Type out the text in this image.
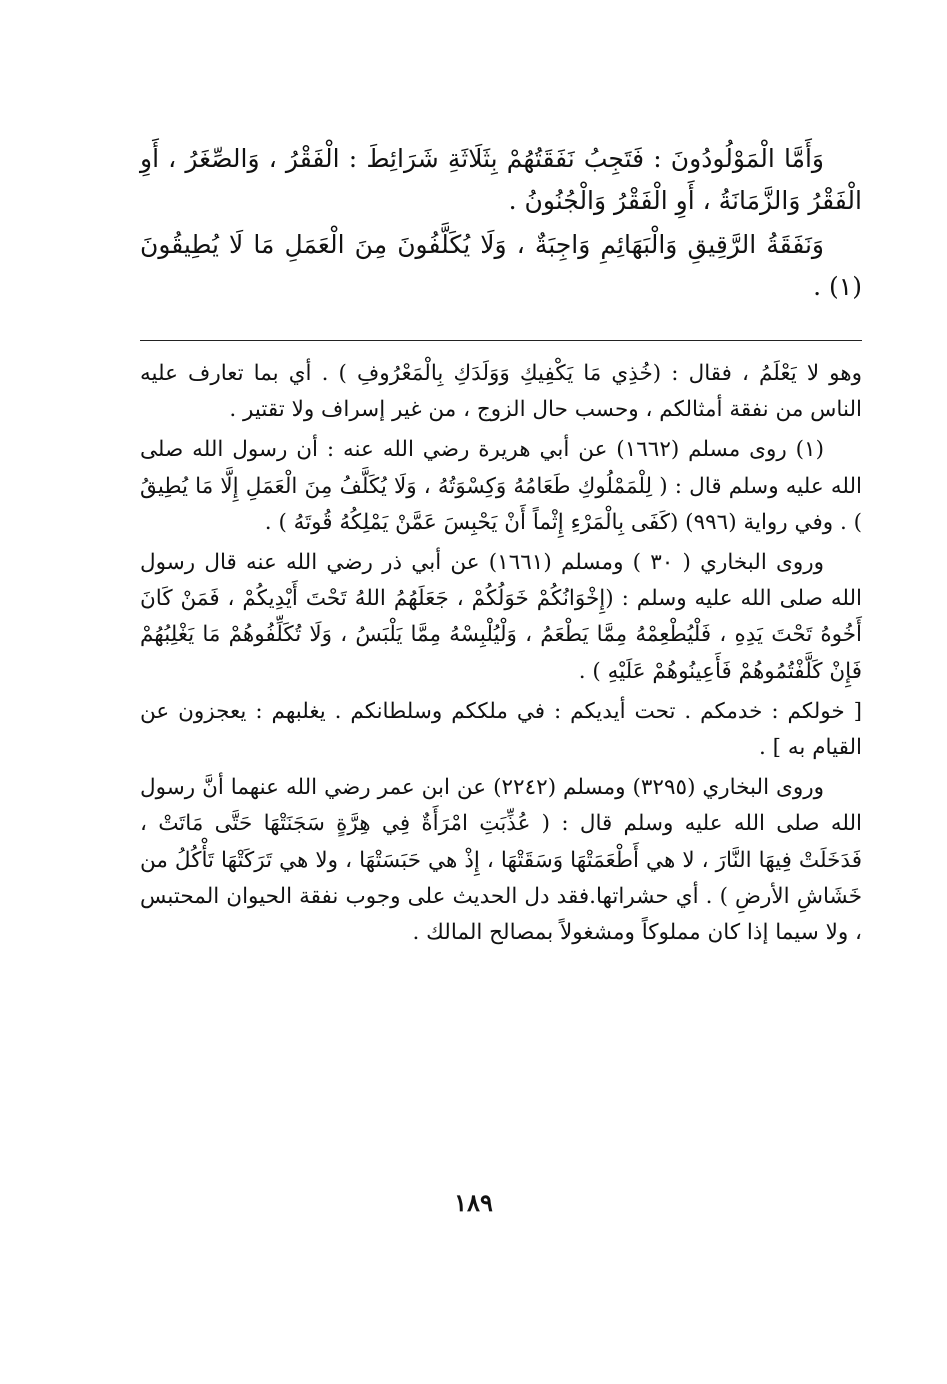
وَأَمَّا الْمَوْلُودُونَ : فَتَجِبُ نَفَقَتُهُمْ بِثَلَاثَةِ شَرَائِطَ : الْفَقْرُ ، وَالصِّغَرُ ، أَوِ الْفَقْرُ وَالزَّمَانَةُ ، أَوِ الْفَقْرُ وَالْجُنُونُ .

وَنَفَقَةُ الرَّقِيقِ وَالْبَهَائِمِ وَاجِبَةٌ ، وَلَا يُكَلَّفُونَ مِنَ الْعَمَلِ مَا لَا يُطِيقُونَ (١) .

وهو لا يَعْلَمُ ، فقال : (خُذِي مَا يَكْفِيكِ وَوَلَدَكِ بِالْمَعْرُوفِ ) . أي بما تعارف عليه الناس من نفقة أمثالكم ، وحسب حال الزوج ، من غير إسراف ولا تقتير .

(١) روى مسلم (١٦٦٢) عن أبي هريرة رضي الله عنه : أن رسول الله صلى الله عليه وسلم قال : ( لِلْمَمْلُوكِ طَعَامُهُ وَكِسْوَتُهُ ، وَلَا يُكَلَّفُ مِنَ الْعَمَلِ إِلَّا مَا يُطِيقُ ) . وفي رواية (٩٩٦) (كَفَى بِالْمَرْءِ إِثْماً أَنْ يَحْبِسَ عَمَّنْ يَمْلِكُهُ قُوتَهُ ) .

وروى البخاري ( ٣٠ ) ومسلم (١٦٦١) عن أبي ذر رضي الله عنه قال رسول الله صلى الله عليه وسلم : (إِخْوَانُكُمْ خَوَلُكُمْ ، جَعَلَهُمُ اللهُ تَحْتَ أَيْدِيكُمْ ، فَمَنْ كَانَ أَخُوهُ تَحْتَ يَدِهِ ، فَلْيُطْعِمْهُ مِمَّا يَطْعَمُ ، وَلْيُلْبِسْهُ مِمَّا يَلْبَسُ ، وَلَا تُكَلِّفُوهُمْ مَا يَغْلِبُهُمْ فَإِنْ كَلَّفْتُمُوهُمْ فَأَعِينُوهُمْ عَلَيْهِ ) .

[ خولكم : خدمكم . تحت أيديكم : في ملككم وسلطانكم . يغلبهم : يعجزون عن القيام به ] .

وروى البخاري (٣٢٩٥) ومسلم (٢٢٤٢) عن ابن عمر رضي الله عنهما أنَّ رسول الله صلى الله عليه وسلم قال : ( عُذِّبَتِ امْرَأَةٌ فِي هِرَّةٍ سَجَنَتْهَا حَتَّى مَاتَتْ ، فَدَخَلَتْ فِيهَا النَّارَ ، لا هي أَطْعَمَتْهَا وَسَقَتْهَا ، إِذْ هي حَبَسَتْهَا ، ولا هي تَرَكَتْهَا تَأْكُلُ من خَشَاشِ الأرضِ ) . أي حشراتها.فقد دل الحديث على وجوب نفقة الحيوان المحتبس ، ولا سيما إذا كان مملوكاً ومشغولاً بمصالح المالك .

١٨٩
